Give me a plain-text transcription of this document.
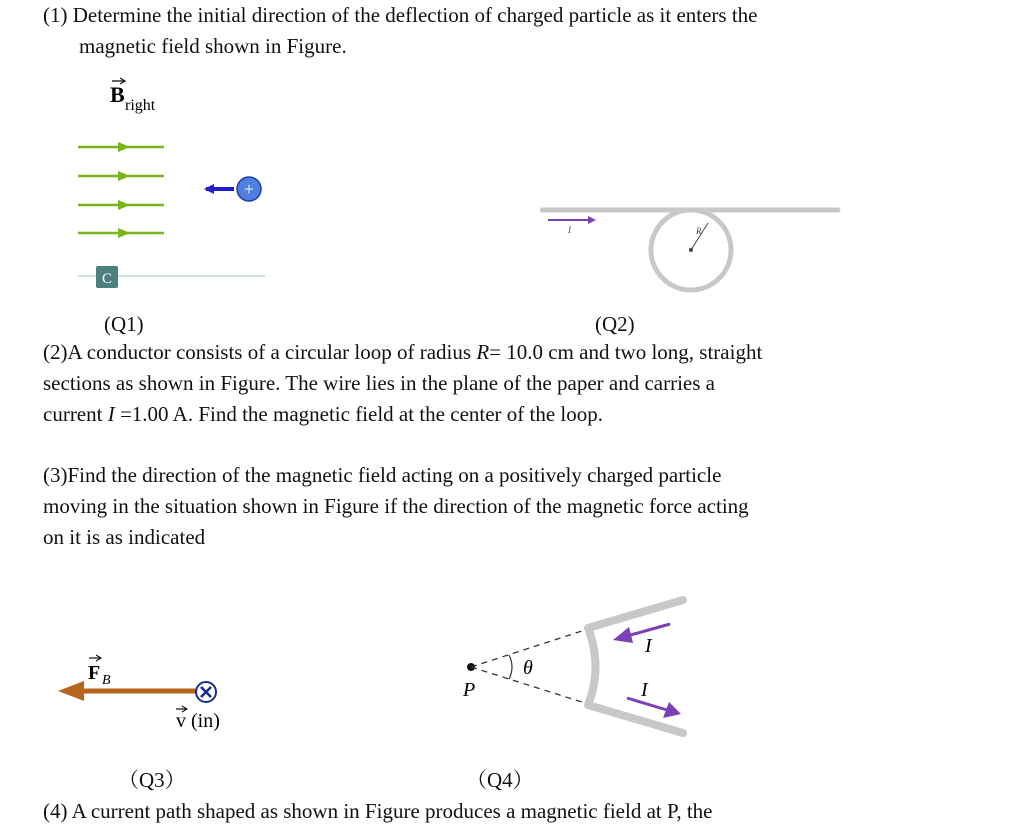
(1) Determine the initial direction of the deflection of charged particle as it enters the
magnetic field shown in Figure.
B right
+
C
I	R
(Q1)	(Q2)
(2)A conductor consists of a circular loop of radius R= 10.0 cm and two long, straight
sections as shown in Figure. The wire lies in the plane of the paper and carries a
current I =1.00 A. Find the magnetic field at the center of the loop.
(3)Find the direction of the magnetic field acting on a positively charged particle
moving in the situation shown in Figure if the direction of the magnetic force acting
on it is as indicated
F B
v (in)
θ
P
I
I
（Q3）	（Q4）
(4) A current path shaped as shown in Figure produces a magnetic field at P, the
